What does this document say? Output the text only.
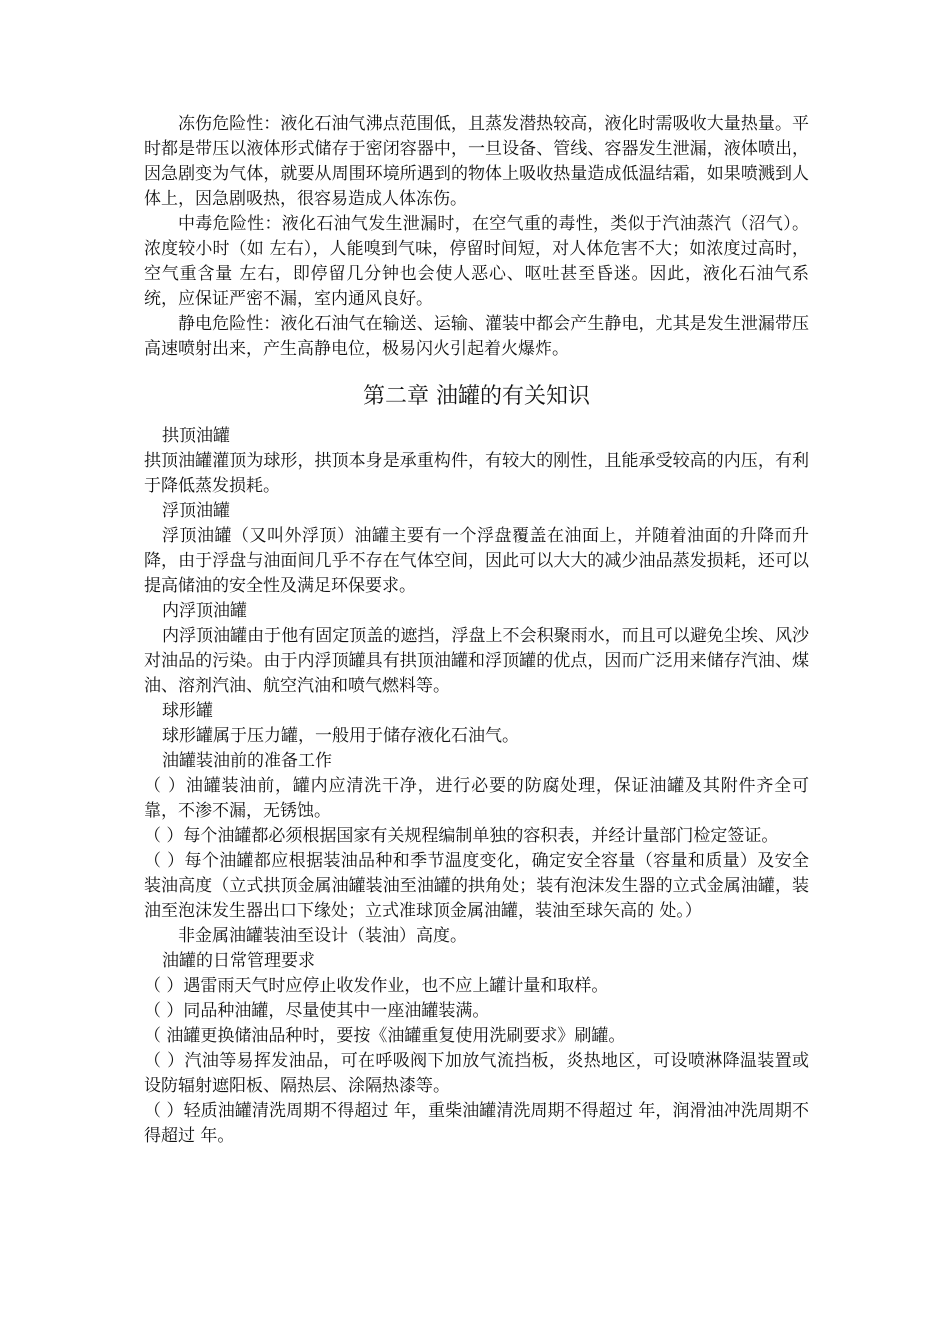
冻伤危险性：液化石油气沸点范围低，且蒸发潜热较高，液化时需吸收大量热量。平时都是带压以液体形式储存于密闭容器中，一旦设备、管线、容器发生泄漏，液体喷出，因急剧变为气体，就要从周围环境所遇到的物体上吸收热量造成低温结霜，如果喷溅到人体上，因急剧吸热，很容易造成人体冻伤。

中毒危险性：液化石油气发生泄漏时，在空气重的毒性，类似于汽油蒸汽（沼气）。浓度较小时（如 左右），人能嗅到气味，停留时间短，对人体危害不大；如浓度过高时，空气重含量 左右，即停留几分钟也会使人恶心、呕吐甚至昏迷。因此，液化石油气系统，应保证严密不漏，室内通风良好。

静电危险性：液化石油气在输送、运输、灌装中都会产生静电，尤其是发生泄漏带压高速喷射出来，产生高静电位，极易闪火引起着火爆炸。

第二章 油罐的有关知识

拱顶油罐

拱顶油罐灌顶为球形，拱顶本身是承重构件，有较大的刚性，且能承受较高的内压，有利于降低蒸发损耗。

浮顶油罐

浮顶油罐（又叫外浮顶）油罐主要有一个浮盘覆盖在油面上，并随着油面的升降而升降，由于浮盘与油面间几乎不存在气体空间，因此可以大大的减少油品蒸发损耗，还可以提高储油的安全性及满足环保要求。

内浮顶油罐

内浮顶油罐由于他有固定顶盖的遮挡，浮盘上不会积聚雨水，而且可以避免尘埃、风沙对油品的污染。由于内浮顶罐具有拱顶油罐和浮顶罐的优点，因而广泛用来储存汽油、煤油、溶剂汽油、航空汽油和喷气燃料等。

球形罐

球形罐属于压力罐，一般用于储存液化石油气。

油罐装油前的准备工作

（ ）油罐装油前，罐内应清洗干净，进行必要的防腐处理，保证油罐及其附件齐全可靠，不渗不漏，无锈蚀。

（ ）每个油罐都必须根据国家有关规程编制单独的容积表，并经计量部门检定签证。

（ ）每个油罐都应根据装油品种和季节温度变化，确定安全容量（容量和质量）及安全装油高度（立式拱顶金属油罐装油至油罐的拱角处；装有泡沫发生器的立式金属油罐，装油至泡沫发生器出口下缘处；立式准球顶金属油罐，装油至球矢高的 处。）

非金属油罐装油至设计（装油）高度。

油罐的日常管理要求

（ ）遇雷雨天气时应停止收发作业，也不应上罐计量和取样。

（ ）同品种油罐，尽量使其中一座油罐装满。

（ 油罐更换储油品种时，要按《油罐重复使用洗刷要求》刷罐。

（ ）汽油等易挥发油品，可在呼吸阀下加放气流挡板，炎热地区，可设喷淋降温装置或设防辐射遮阳板、隔热层、涂隔热漆等。

（ ）轻质油罐清洗周期不得超过 年，重柴油罐清洗周期不得超过 年，润滑油冲洗周期不得超过 年。
